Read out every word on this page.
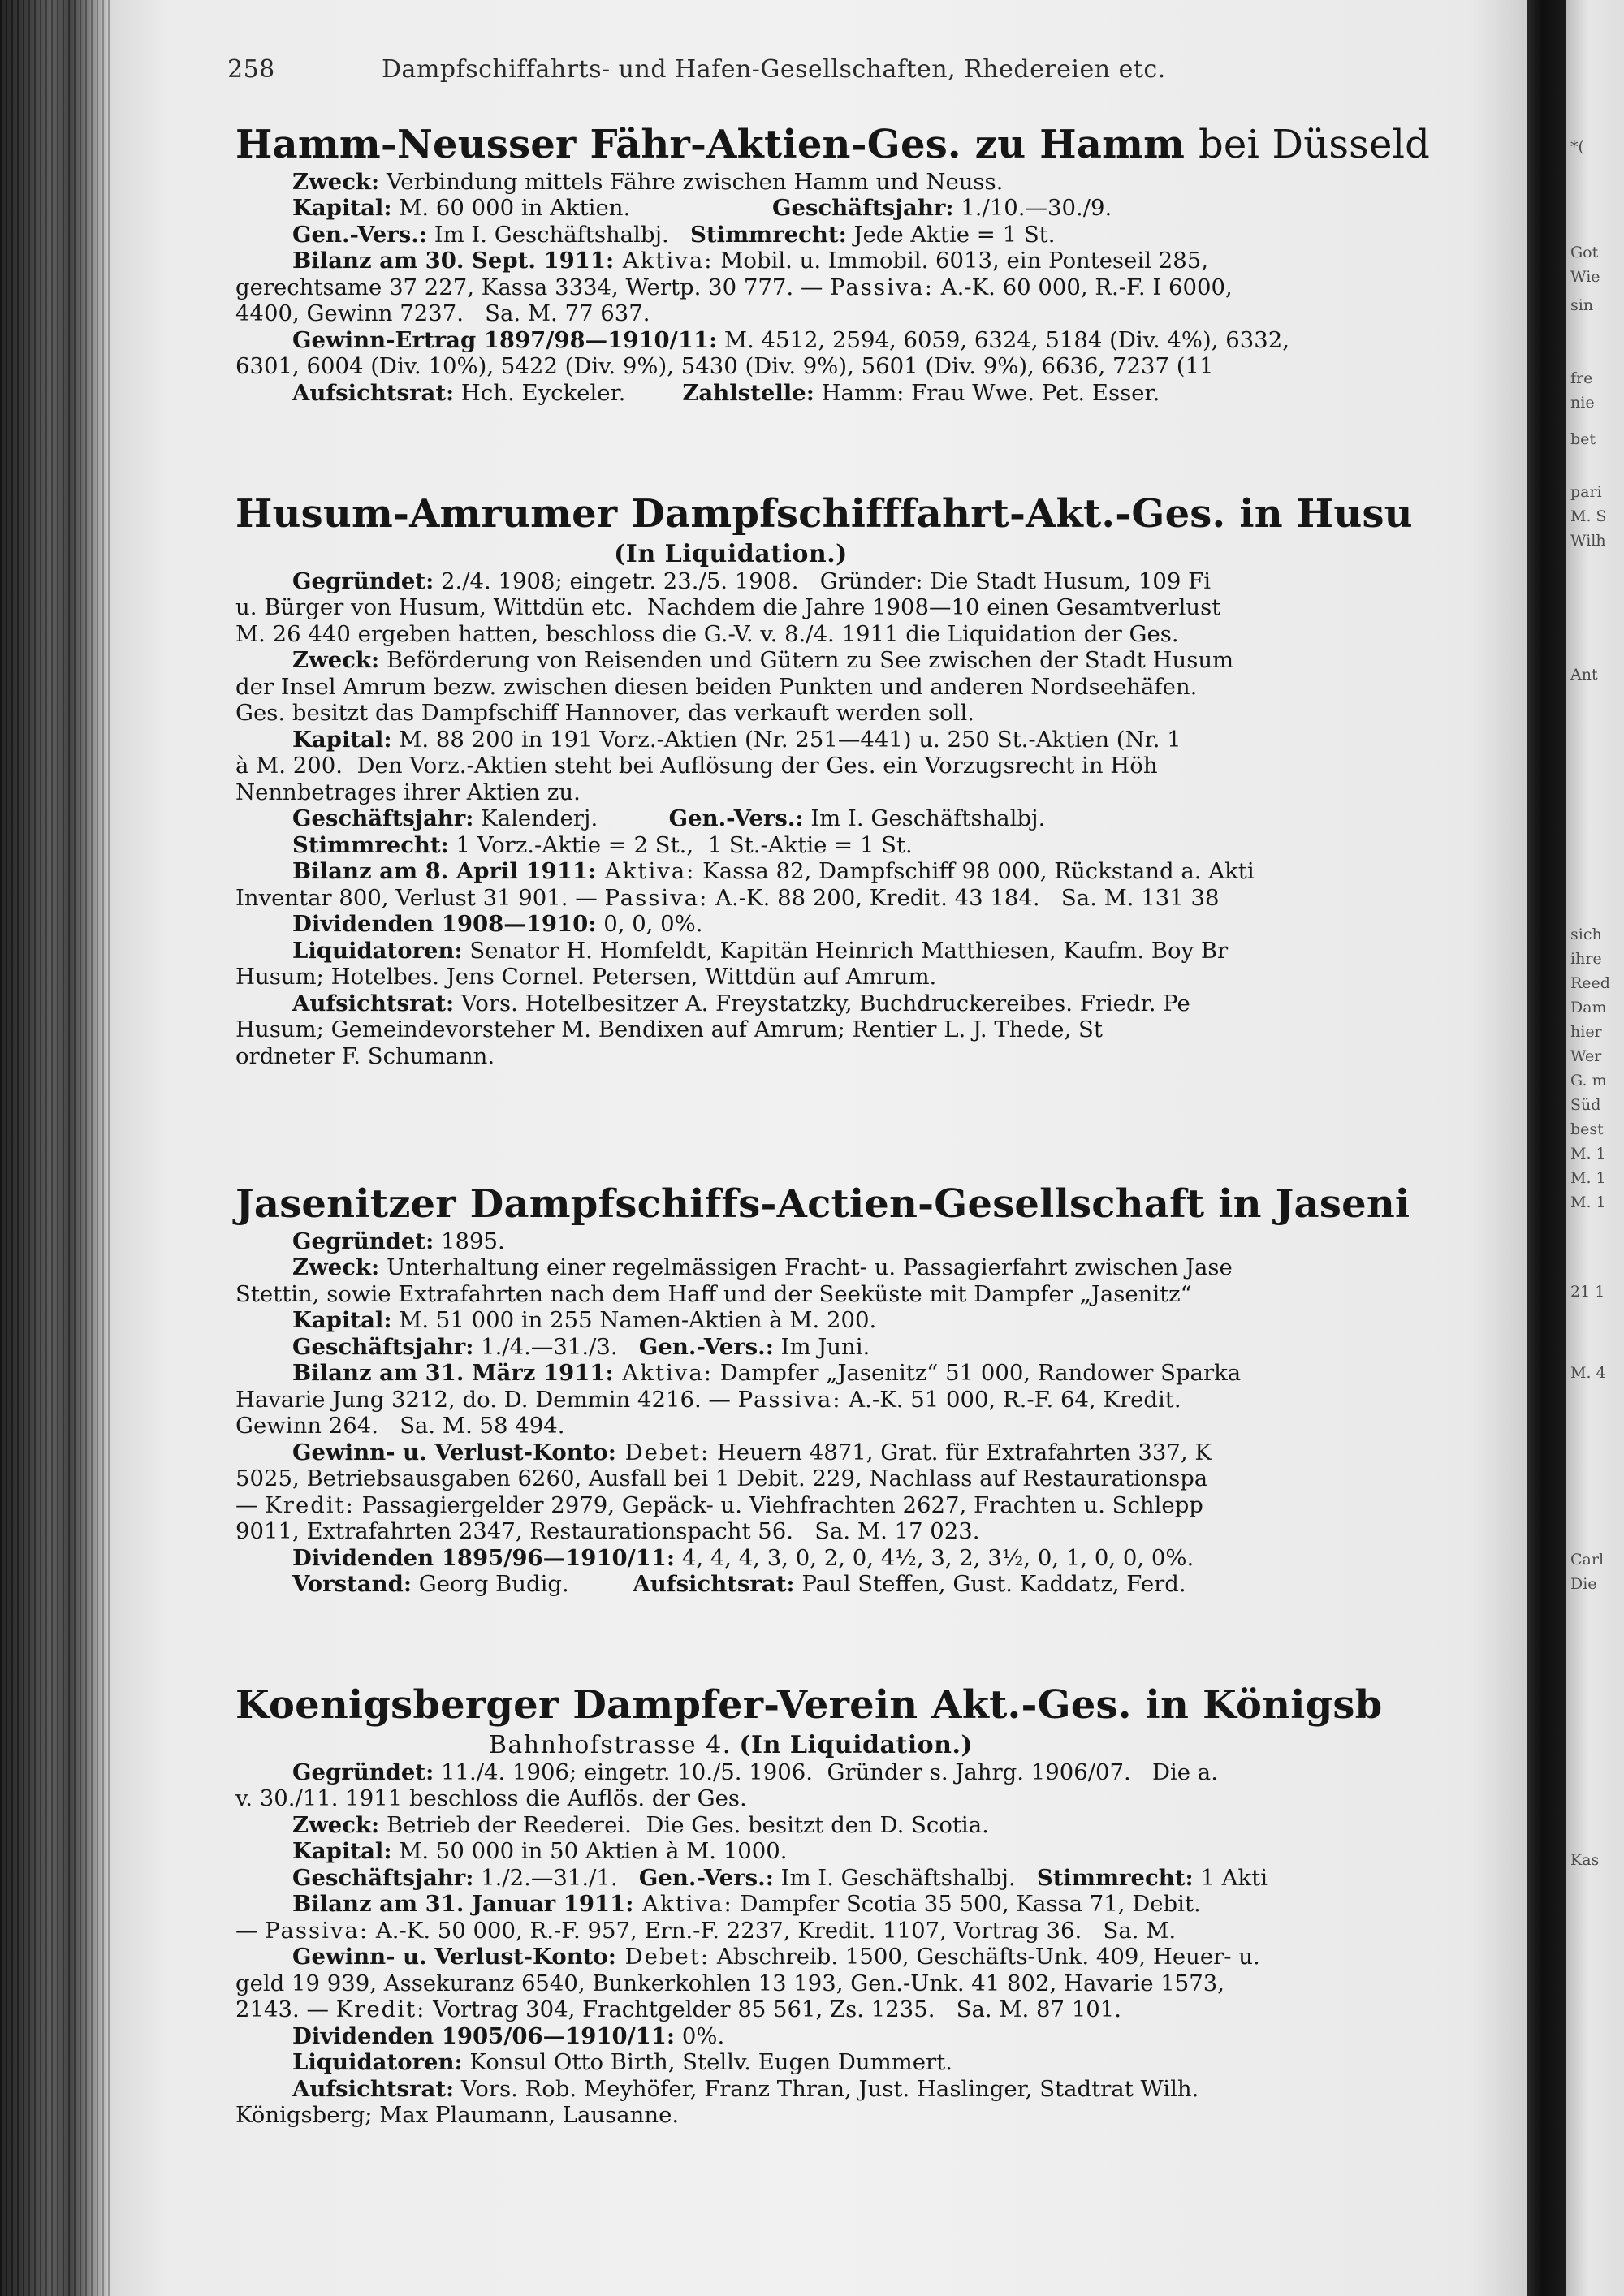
*(
Got
Wie
sin
fre
nie
bet
pari
M. S
Wilh
Ant
sich
ihre
Reed
Dam
hier
Wer
G. m
Süd
best
M. 1
M. 1
M. 1
21 1
M. 4
Carl
Die
Kas
258	Dampfschiffahrts- und Hafen-Gesellschaften, Rhedereien etc.
Hamm-Neusser Fähr-Aktien-Ges. zu Hamm bei Düsseld

Zweck: Verbindung mittels Fähre zwischen Hamm und Neuss.
Kapital: M. 60 000 in Aktien.                    Geschäftsjahr: 1./10.—30./9.
Gen.-Vers.: Im I. Geschäftshalbj.   Stimmrecht: Jede Aktie = 1 St.
Bilanz am 30. Sept. 1911: Aktiva: Mobil. u. Immobil. 6013, ein Ponteseil 285,
gerechtsame 37 227, Kassa 3334, Wertp. 30 777. — Passiva: A.-K. 60 000, R.-F. I 6000,
4400, Gewinn 7237.   Sa. M. 77 637.
Gewinn-Ertrag 1897/98—1910/11: M. 4512, 2594, 6059, 6324, 5184 (Div. 4%), 6332,
6301, 6004 (Div. 10%), 5422 (Div. 9%), 5430 (Div. 9%), 5601 (Div. 9%), 6636, 7237 (11
Aufsichtsrat: Hch. Eyckeler.        Zahlstelle: Hamm: Frau Wwe. Pet. Esser.

Husum-Amrumer Dampfschifffahrt-Akt.-Ges. in Husu
(In Liquidation.)

Gegründet: 2./4. 1908; eingetr. 23./5. 1908.   Gründer: Die Stadt Husum, 109 Fi
u. Bürger von Husum, Wittdün etc.  Nachdem die Jahre 1908—10 einen Gesamtverlust
M. 26 440 ergeben hatten, beschloss die G.-V. v. 8./4. 1911 die Liquidation der Ges.
Zweck: Beförderung von Reisenden und Gütern zu See zwischen der Stadt Husum
der Insel Amrum bezw. zwischen diesen beiden Punkten und anderen Nordseehäfen.
Ges. besitzt das Dampfschiff Hannover, das verkauft werden soll.
Kapital: M. 88 200 in 191 Vorz.-Aktien (Nr. 251—441) u. 250 St.-Aktien (Nr. 1
à M. 200.  Den Vorz.-Aktien steht bei Auflösung der Ges. ein Vorzugsrecht in Höh
Nennbetrages ihrer Aktien zu.
Geschäftsjahr: Kalenderj.          Gen.-Vers.: Im I. Geschäftshalbj.
Stimmrecht: 1 Vorz.-Aktie = 2 St.,  1 St.-Aktie = 1 St.
Bilanz am 8. April 1911: Aktiva: Kassa 82, Dampfschiff 98 000, Rückstand a. Akti
Inventar 800, Verlust 31 901. — Passiva: A.-K. 88 200, Kredit. 43 184.   Sa. M. 131 38
Dividenden 1908—1910: 0, 0, 0%.
Liquidatoren: Senator H. Homfeldt, Kapitän Heinrich Matthiesen, Kaufm. Boy Br
Husum; Hotelbes. Jens Cornel. Petersen, Wittdün auf Amrum.
Aufsichtsrat: Vors. Hotelbesitzer A. Freystatzky, Buchdruckereibes. Friedr. Pe
Husum; Gemeindevorsteher M. Bendixen auf Amrum; Rentier L. J. Thede, St
ordneter F. Schumann.

Jasenitzer Dampfschiffs-Actien-Gesellschaft in Jaseni

Gegründet: 1895.
Zweck: Unterhaltung einer regelmässigen Fracht- u. Passagierfahrt zwischen Jase
Stettin, sowie Extrafahrten nach dem Haff und der Seeküste mit Dampfer „Jasenitz“
Kapital: M. 51 000 in 255 Namen-Aktien à M. 200.
Geschäftsjahr: 1./4.—31./3.   Gen.-Vers.: Im Juni.
Bilanz am 31. März 1911: Aktiva: Dampfer „Jasenitz“ 51 000, Randower Sparka
Havarie Jung 3212, do. D. Demmin 4216. — Passiva: A.-K. 51 000, R.-F. 64, Kredit.
Gewinn 264.   Sa. M. 58 494.
Gewinn- u. Verlust-Konto: Debet: Heuern 4871, Grat. für Extrafahrten 337, K
5025, Betriebsausgaben 6260, Ausfall bei 1 Debit. 229, Nachlass auf Restaurationspa
— Kredit: Passagiergelder 2979, Gepäck- u. Viehfrachten 2627, Frachten u. Schlepp
9011, Extrafahrten 2347, Restaurationspacht 56.   Sa. M. 17 023.
Dividenden 1895/96—1910/11: 4, 4, 4, 3, 0, 2, 0, 4½, 3, 2, 3½, 0, 1, 0, 0, 0%.
Vorstand: Georg Budig.         Aufsichtsrat: Paul Steffen, Gust. Kaddatz, Ferd.

Koenigsberger Dampfer-Verein Akt.-Ges. in Königsb
Bahnhofstrasse 4. (In Liquidation.)

Gegründet: 11./4. 1906; eingetr. 10./5. 1906.  Gründer s. Jahrg. 1906/07.   Die a.
v. 30./11. 1911 beschloss die Auflös. der Ges.
Zweck: Betrieb der Reederei.  Die Ges. besitzt den D. Scotia.
Kapital: M. 50 000 in 50 Aktien à M. 1000.
Geschäftsjahr: 1./2.—31./1.   Gen.-Vers.: Im I. Geschäftshalbj.   Stimmrecht: 1 Akti
Bilanz am 31. Januar 1911: Aktiva: Dampfer Scotia 35 500, Kassa 71, Debit.
— Passiva: A.-K. 50 000, R.-F. 957, Ern.-F. 2237, Kredit. 1107, Vortrag 36.   Sa. M.
Gewinn- u. Verlust-Konto: Debet: Abschreib. 1500, Geschäfts-Unk. 409, Heuer- u.
geld 19 939, Assekuranz 6540, Bunkerkohlen 13 193, Gen.-Unk. 41 802, Havarie 1573,
2143. — Kredit: Vortrag 304, Frachtgelder 85 561, Zs. 1235.   Sa. M. 87 101.
Dividenden 1905/06—1910/11: 0%.
Liquidatoren: Konsul Otto Birth, Stellv. Eugen Dummert.
Aufsichtsrat: Vors. Rob. Meyhöfer, Franz Thran, Just. Haslinger, Stadtrat Wilh.
Königsberg; Max Plaumann, Lausanne.
